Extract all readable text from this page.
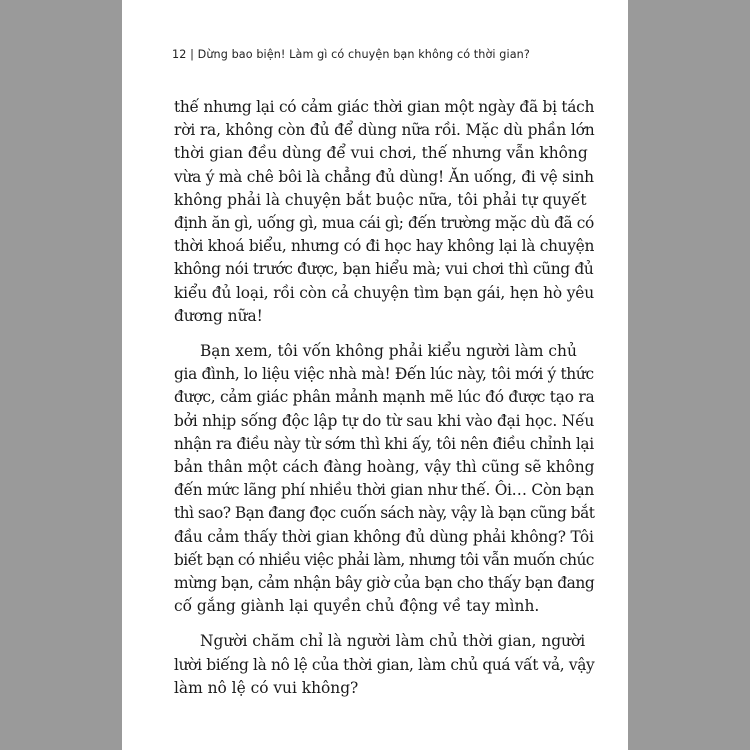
12 | Dừng bao biện! Làm gì có chuyện bạn không có thời gian?

thế nhưng lại có cảm giác thời gian một ngày đã bị tách
rời ra, không còn đủ để dùng nữa rồi. Mặc dù phần lớn
thời gian đều dùng để vui chơi, thế nhưng vẫn không
vừa ý mà chê bôi là chẳng đủ dùng! Ăn uống, đi vệ sinh
không phải là chuyện bắt buộc nữa, tôi phải tự quyết
định ăn gì, uống gì, mua cái gì; đến trường mặc dù đã có
thời khoá biểu, nhưng có đi học hay không lại là chuyện
không nói trước được, bạn hiểu mà; vui chơi thì cũng đủ
kiểu đủ loại, rồi còn cả chuyện tìm bạn gái, hẹn hò yêu
đương nữa!

Bạn xem, tôi vốn không phải kiểu người làm chủ
gia đình, lo liệu việc nhà mà! Đến lúc này, tôi mới ý thức
được, cảm giác phân mảnh mạnh mẽ lúc đó được tạo ra
bởi nhịp sống độc lập tự do từ sau khi vào đại học. Nếu
nhận ra điều này từ sớm thì khi ấy, tôi nên điều chỉnh lại
bản thân một cách đàng hoàng, vậy thì cũng sẽ không
đến mức lãng phí nhiều thời gian như thế. Ôi… Còn bạn
thì sao? Bạn đang đọc cuốn sách này, vậy là bạn cũng bắt
đầu cảm thấy thời gian không đủ dùng phải không? Tôi
biết bạn có nhiều việc phải làm, nhưng tôi vẫn muốn chúc
mừng bạn, cảm nhận bây giờ của bạn cho thấy bạn đang
cố gắng giành lại quyền chủ động về tay mình.

Người chăm chỉ là người làm chủ thời gian, người
lười biếng là nô lệ của thời gian, làm chủ quá vất vả, vậy
làm nô lệ có vui không?
